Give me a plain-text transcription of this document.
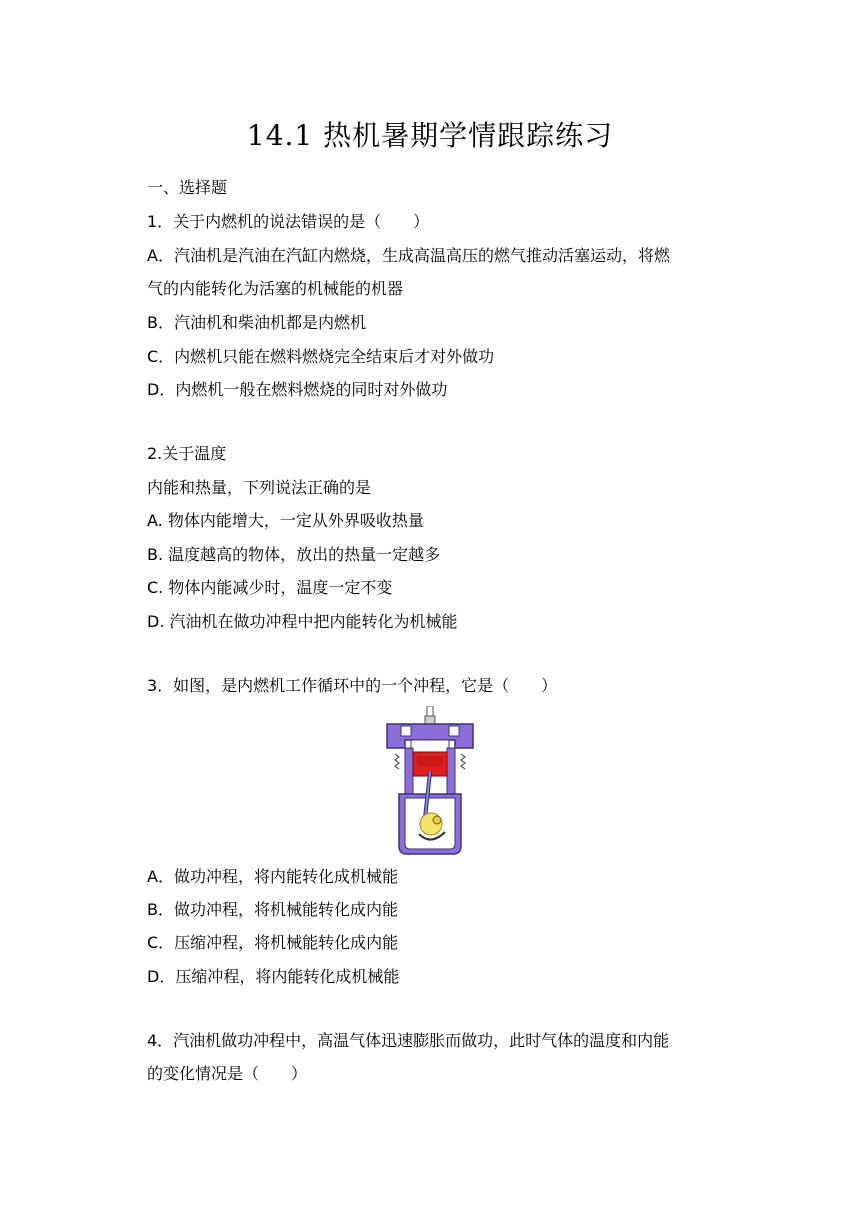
14.1 热机暑期学情跟踪练习
一、选择题
1．关于内燃机的说法错误的是（　　）
A．汽油机是汽油在汽缸内燃烧，生成高温高压的燃气推动活塞运动，将燃
气的内能转化为活塞的机械能的机器
B．汽油机和柴油机都是内燃机
C．内燃机只能在燃料燃烧完全结束后才对外做功
D．内燃机一般在燃料燃烧的同时对外做功
2.关于温度
内能和热量，下列说法正确的是
A. 物体内能增大，一定从外界吸收热量
B. 温度越高的物体，放出的热量一定越多
C. 物体内能减少时，温度一定不变
D. 汽油机在做功冲程中把内能转化为机械能
3．如图，是内燃机工作循环中的一个冲程，它是（　　）
A．做功冲程，将内能转化成机械能
B．做功冲程，将机械能转化成内能
C．压缩冲程，将机械能转化成内能
D．压缩冲程，将内能转化成机械能
4．汽油机做功冲程中，高温气体迅速膨胀而做功，此时气体的温度和内能
的变化情况是（　　）
